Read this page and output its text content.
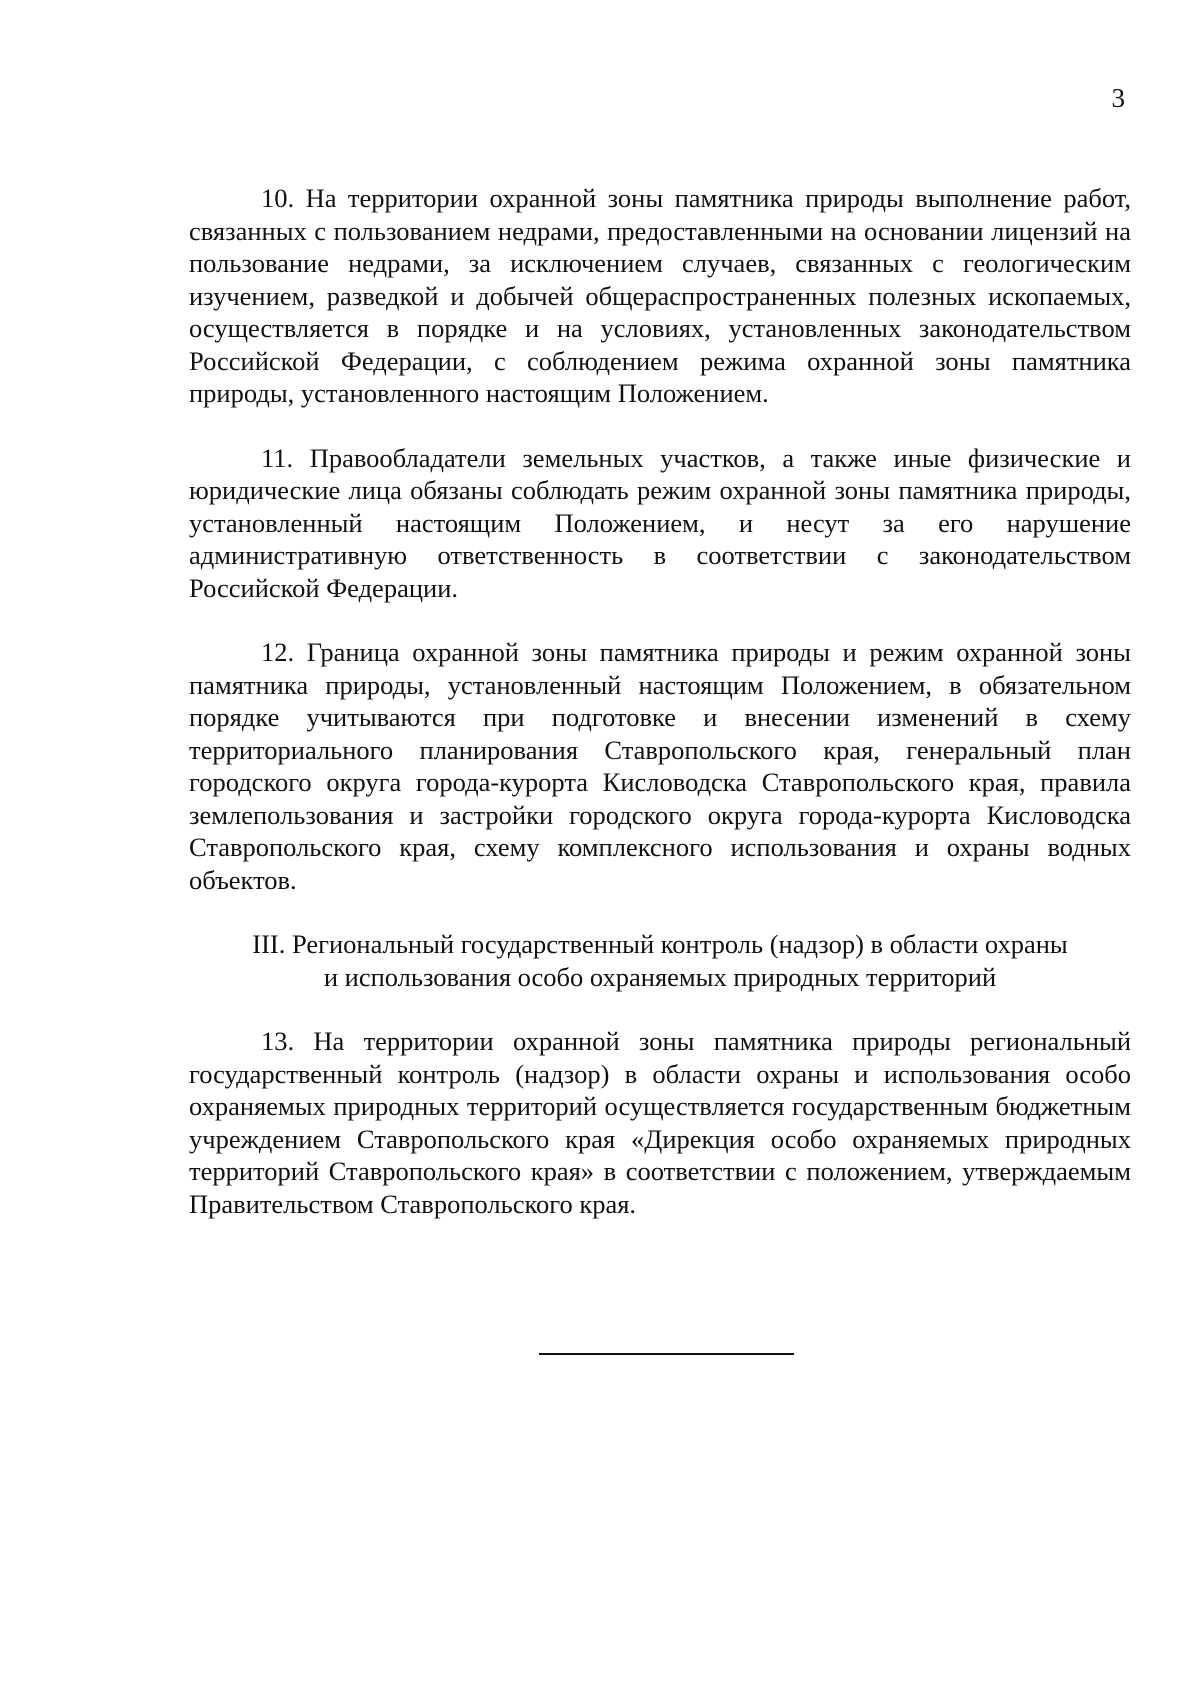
3

10. На территории охранной зоны памятника природы выполнение работ, связанных с пользованием недрами, предоставленными на основании лицензий на пользование недрами, за исключением случаев, связанных с геологическим изучением, разведкой и добычей общераспространенных полезных ископаемых, осуществляется в порядке и на условиях, установленных законодательством Российской Федерации, с соблюдением режима охранной зоны памятника природы, установленного настоящим Положением.

11. Правообладатели земельных участков, а также иные физические и юридические лица обязаны соблюдать режим охранной зоны памятника природы, установленный настоящим Положением, и несут за его нарушение административную ответственность в соответствии с законодательством Российской Федерации.

12. Граница охранной зоны памятника природы и режим охранной зоны памятника природы, установленный настоящим Положением, в обязательном порядке учитываются при подготовке и внесении изменений в схему территориального планирования Ставропольского края, генеральный план городского округа города-курорта Кисловодска Ставропольского края, правила землепользования и застройки городского округа города-курорта Кисловодска Ставропольского края, схему комплексного использования и охраны водных объектов.

III. Региональный государственный контроль (надзор) в области охраны и использования особо охраняемых природных территорий

13. На территории охранной зоны памятника природы региональный государственный контроль (надзор) в области охраны и использования особо охраняемых природных территорий осуществляется государственным бюджетным учреждением Ставропольского края «Дирекция особо охраняемых природных территорий Ставропольского края» в соответствии с положением, утверждаемым Правительством Ставропольского края.
